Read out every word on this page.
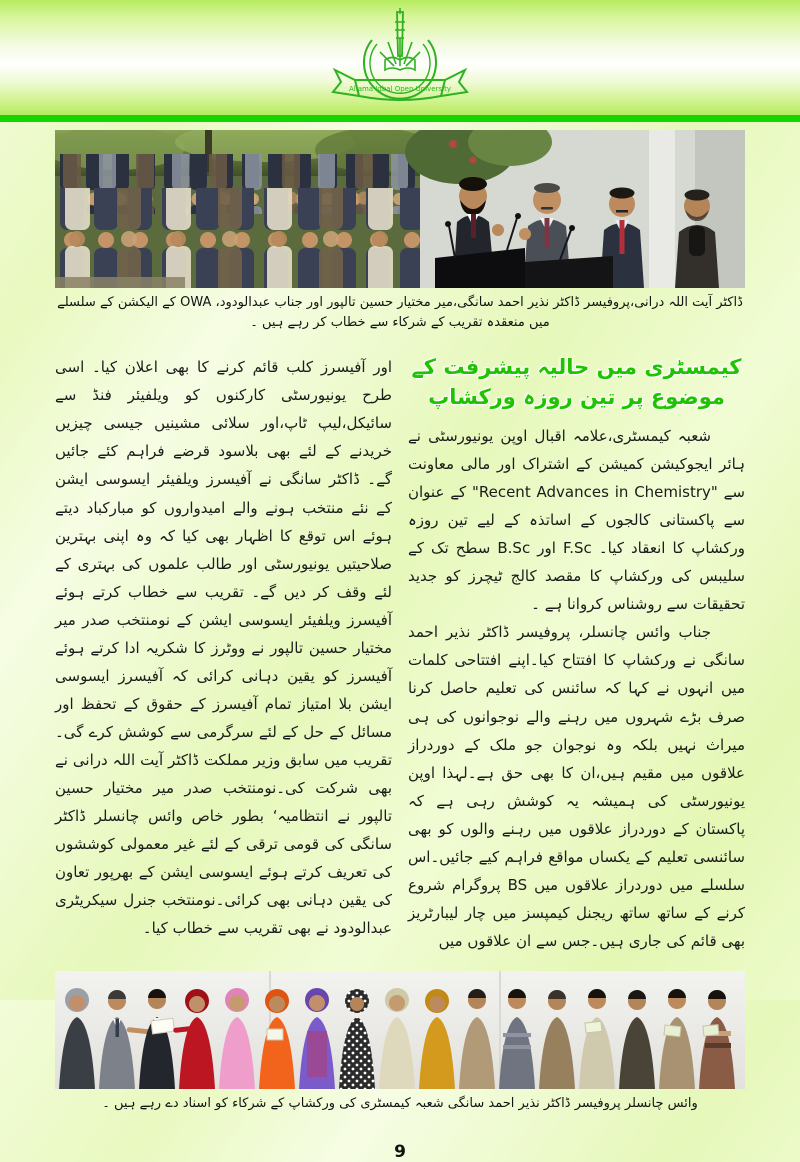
Allama Iqbal Open University
ڈاکٹر آیت اللہ درانی،پروفیسر ڈاکٹر نذیر احمد سانگی،میر مختیار حسین تالپور اور جناب عبدالودود، OWA کے الیکشن کے سلسلے میں منعقدہ تقریب کے شرکاء سے خطاب کر رہے ہیں ۔
کیمسٹری میں حالیہ پیشرفت کے موضوع پر تین روزہ ورکشاپ

شعبہ کیمسٹری،علامہ اقبال اوپن یونیورسٹی نے ہائر ایجوکیشن کمیشن کے اشتراک اور مالی معاونت سے "Recent Advances in Chemistry" کے عنوان سے پاکستانی کالجوں کے اساتذہ کے لیے تین روزہ ورکشاپ کا انعقاد کیا۔ F.Sc اور B.Sc سطح تک کے سلیبس کی ورکشاپ کا مقصد کالج ٹیچرز کو جدید تحقیقات سے روشناس کروانا ہے ۔

جناب وائس چانسلر، پروفیسر ڈاکٹر نذیر احمد سانگی نے ورکشاپ کا افتتاح کیا۔اپنے افتتاحی کلمات میں انہوں نے کہا کہ سائنس کی تعلیم حاصل کرنا صرف بڑے شہروں میں رہنے والے نوجوانوں کی ہی میراث نہیں بلکہ وہ نوجوان جو ملک کے دوردراز علاقوں میں مقیم ہیں،ان کا بھی حق ہے۔لہذا اوپن یونیورسٹی کی ہمیشہ یہ کوشش رہی ہے کہ پاکستان کے دوردراز علاقوں میں رہنے والوں کو بھی سائنسی تعلیم کے یکساں مواقع فراہم کیے جائیں۔اس سلسلے میں دوردراز علاقوں میں BS پروگرام شروع کرنے کے ساتھ ساتھ ریجنل کیمپسز میں چار لیبارٹریز بھی قائم کی جاری ہیں۔جس سے ان علاقوں میں

اور آفیسرز کلب قائم کرنے کا بھی اعلان کیا۔ اسی طرح یونیورسٹی کارکنوں کو ویلفیئر فنڈ سے سائیکل،لیپ ٹاپ،اور سلائی مشینیں جیسی چیزیں خریدنے کے لئے بھی بلاسود قرضے فراہم کئے جائیں گے۔ ڈاکٹر سانگی نے آفیسرز ویلفیئر ایسوسی ایشن کے نئے منتخب ہونے والے امیدواروں کو مبارکباد دیتے ہوئے اس توقع کا اظہار بھی کیا کہ وہ اپنی بہترین صلاحیتیں یونیورسٹی اور طالب علموں کی بہتری کے لئے وقف کر دیں گے۔ تقریب سے خطاب کرتے ہوئے آفیسرز ویلفیئر ایسوسی ایشن کے نومنتخب صدر میر مختیار حسین تالپور نے ووٹرز کا شکریہ ادا کرتے ہوئے آفیسرز کو یقین دہانی کرائی کہ آفیسرز ایسوسی ایشن بلا امتیاز تمام آفیسرز کے حقوق کے تحفظ اور مسائل کے حل کے لئے سرگرمی سے کوشش کرے گی۔تقریب میں سابق وزیر مملکت ڈاکٹر آیت اللہ درانی نے بھی شرکت کی۔نومنتخب صدر میر مختیار حسین تالپور نے انتظامیہ‘ بطور خاص وائس چانسلر ڈاکٹر سانگی کی قومی ترقی کے لئے غیر معمولی کوششوں کی تعریف کرتے ہوئے ایسوسی ایشن کے بھرپور تعاون کی یقین دہانی بھی کرائی۔نومنتخب جنرل سیکریٹری عبدالودود نے بھی تقریب سے خطاب کیا۔

وائس چانسلر پروفیسر ڈاکٹر نذیر احمد سانگی شعبہ کیمسٹری کی ورکشاپ کے شرکاء کو اسناد دے رہے ہیں ۔
9
